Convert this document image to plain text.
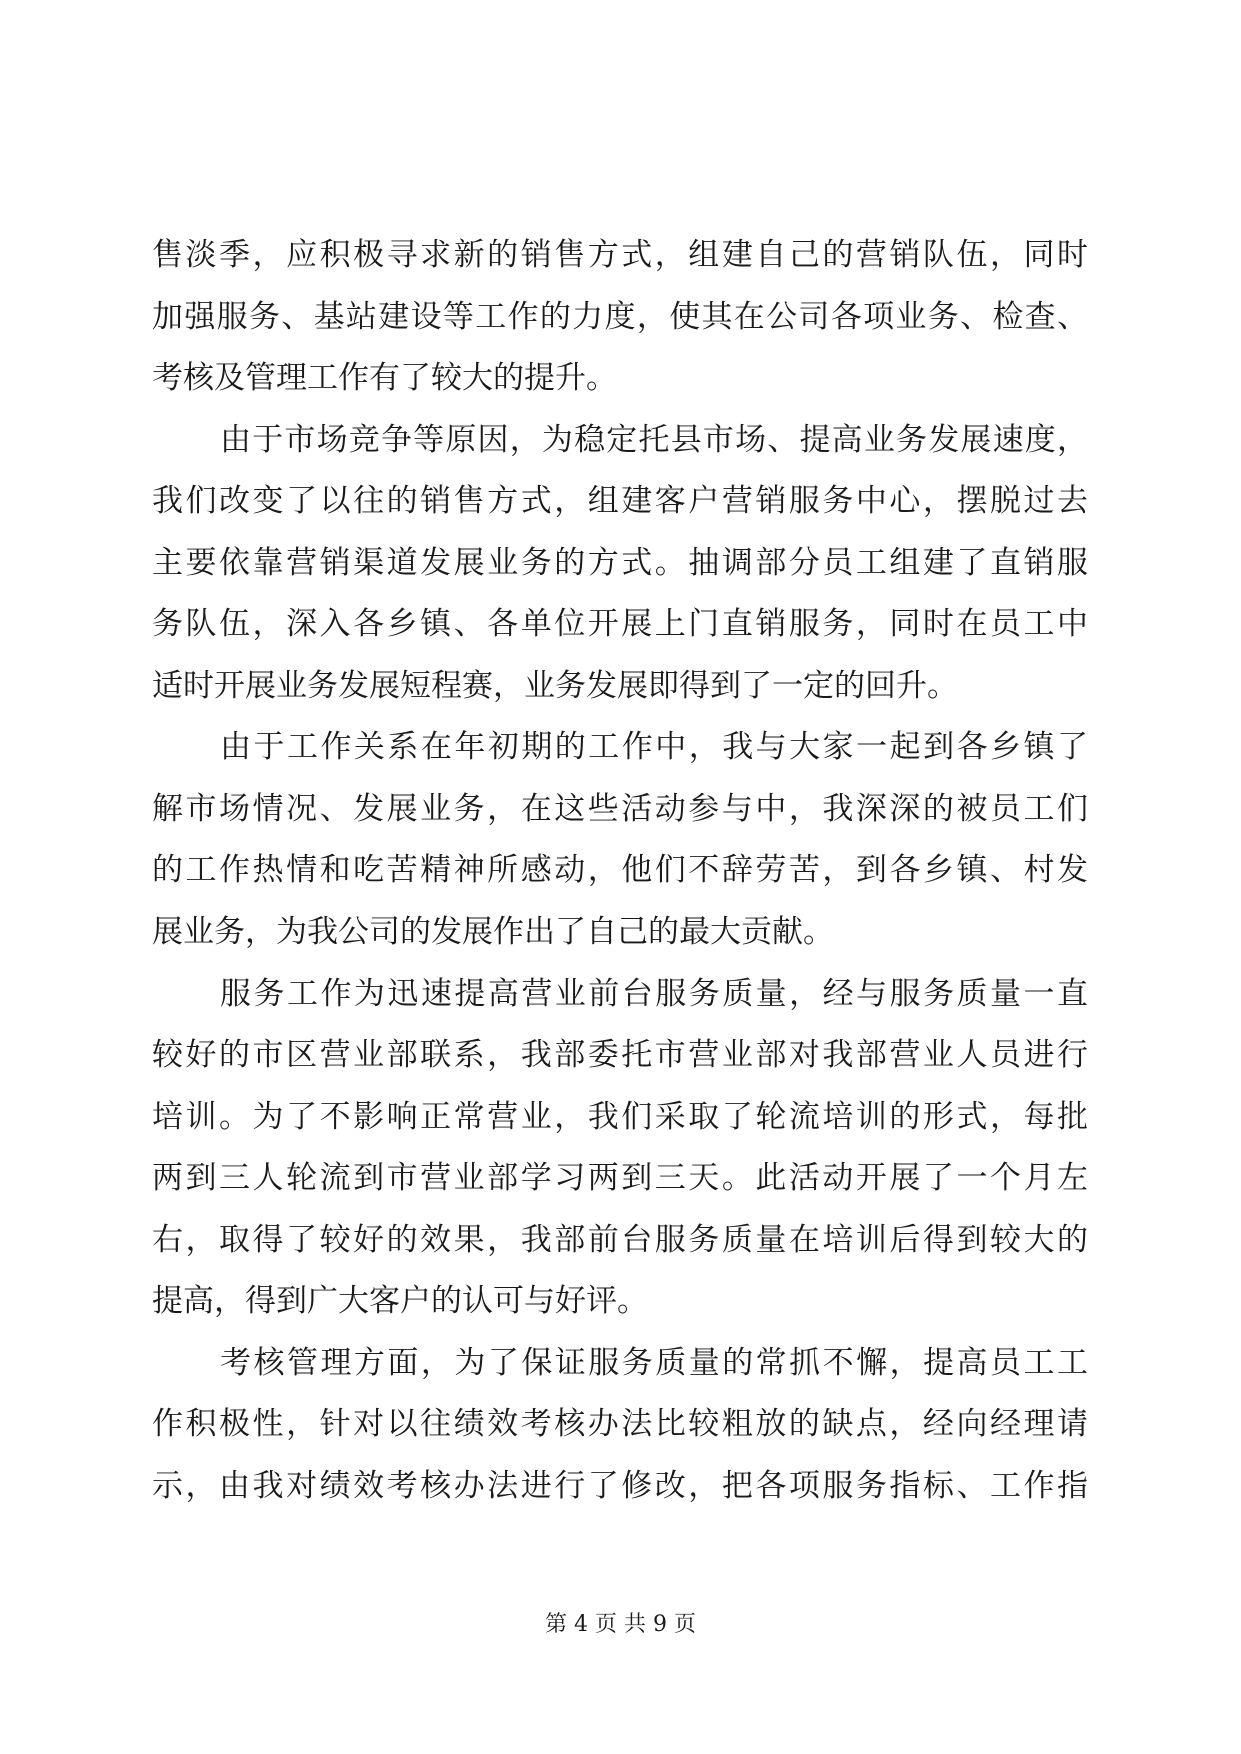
售淡季，应积极寻求新的销售方式，组建自己的营销队伍，同时
加强服务、基站建设等工作的力度，使其在公司各项业务、检查、
考核及管理工作有了较大的提升。
由于市场竞争等原因，为稳定托县市场、提高业务发展速度，
我们改变了以往的销售方式，组建客户营销服务中心，摆脱过去
主要依靠营销渠道发展业务的方式。抽调部分员工组建了直销服
务队伍，深入各乡镇、各单位开展上门直销服务，同时在员工中
适时开展业务发展短程赛，业务发展即得到了一定的回升。
由于工作关系在年初期的工作中，我与大家一起到各乡镇了
解市场情况、发展业务，在这些活动参与中，我深深的被员工们
的工作热情和吃苦精神所感动，他们不辞劳苦，到各乡镇、村发
展业务，为我公司的发展作出了自己的最大贡献。
服务工作为迅速提高营业前台服务质量，经与服务质量一直
较好的市区营业部联系，我部委托市营业部对我部营业人员进行
培训。为了不影响正常营业，我们采取了轮流培训的形式，每批
两到三人轮流到市营业部学习两到三天。此活动开展了一个月左
右，取得了较好的效果，我部前台服务质量在培训后得到较大的
提高，得到广大客户的认可与好评。
考核管理方面，为了保证服务质量的常抓不懈，提高员工工
作积极性，针对以往绩效考核办法比较粗放的缺点，经向经理请
示，由我对绩效考核办法进行了修改，把各项服务指标、工作指
第 4 页 共 9 页
